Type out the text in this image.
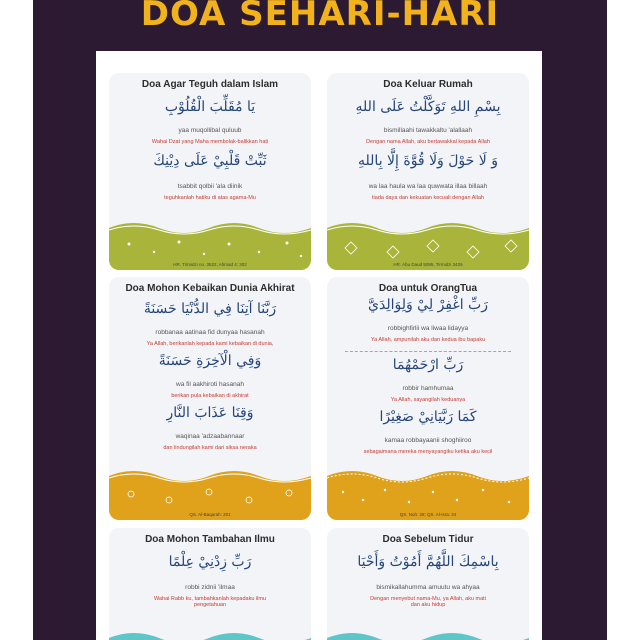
DOA SEHARI-HARI
Doa Agar Teguh dalam Islam
يَا مُقَلِّبَ الْقُلُوْبِ
yaa muqollibal quluub
Wahai Dzat yang Maha membolak-balikkan hati
ثَبِّتْ قَلْبِيْ عَلَى دِيْنِكَ
tsabbit qolbii 'ala diinik
teguhkanlah hatiku di atas agama-Mu
HR. Tirmidzi no. 3522, Ahmad 4: 302
Doa Keluar Rumah
بِسْمِ اللهِ تَوَكَّلْتُ عَلَى اللهِ
bismillaahi tawakkaltu 'alallaah
Dengan nama Allah, aku bertawakkal kepada Allah
وَ لَا حَوْلَ وَلَا قُوَّةَ إِلَّا بِاللهِ
wa laa haula wa laa quwwata illaa billaah
tiada daya dan kekuatan kecuali dengan Allah
HR. Abu Daud 5095, Tirmidzi 3426
Doa Mohon Kebaikan Dunia Akhirat
رَبَّنَا آتِنَا فِي الدُّنْيَا حَسَنَةً
robbanaa aatinaa fid dunyaa hasanah
Ya Allah, berikanlah kepada kami kebaikan di dunia,
وَفِي الْآخِرَةِ حَسَنَةً
wa fil aakhiroti hasanah
berikan pula kebaikan di akhirat
وَقِنَا عَذَابَ النَّارِ
waqinaa 'adzaabannaar
dan lindungilah kami dari siksa neraka
QS. Al-Baqarah: 201
Doa untuk OrangTua
رَبِّ اغْفِرْ لِيْ وَلِوَالِدَيَّ
robbighfirlii wa liwaa lidayya
Ya Allah, ampunilah aku dan kedua ibu bapaku
رَبِّ ارْحَمْهُمَا
robbir hamhumaa
Ya Allah, sayangilah keduanya
كَمَا رَبَّيَانِيْ صَغِيْرًا
kamaa robbayaanii shoghiiroo
sebagaimana mereka menyayangiku ketika aku kecil
QS. Nuh: 28; QS. Al-Isra: 24
Doa Mohon Tambahan Ilmu
رَبِّ زِدْنِيْ عِلْمًا
robbi zidnii 'ilmaa
Wahai Rabb ku, tambahkanlah kepadaku ilmu pengetahuan
Doa Sebelum Tidur
بِاسْمِكَ اللَّهُمَّ أَمُوْتُ وَأَحْيَا
bismikallahumma amuutu wa ahyaa
Dengan menyebut nama-Mu, ya Allah, aku mati dan aku hidup
